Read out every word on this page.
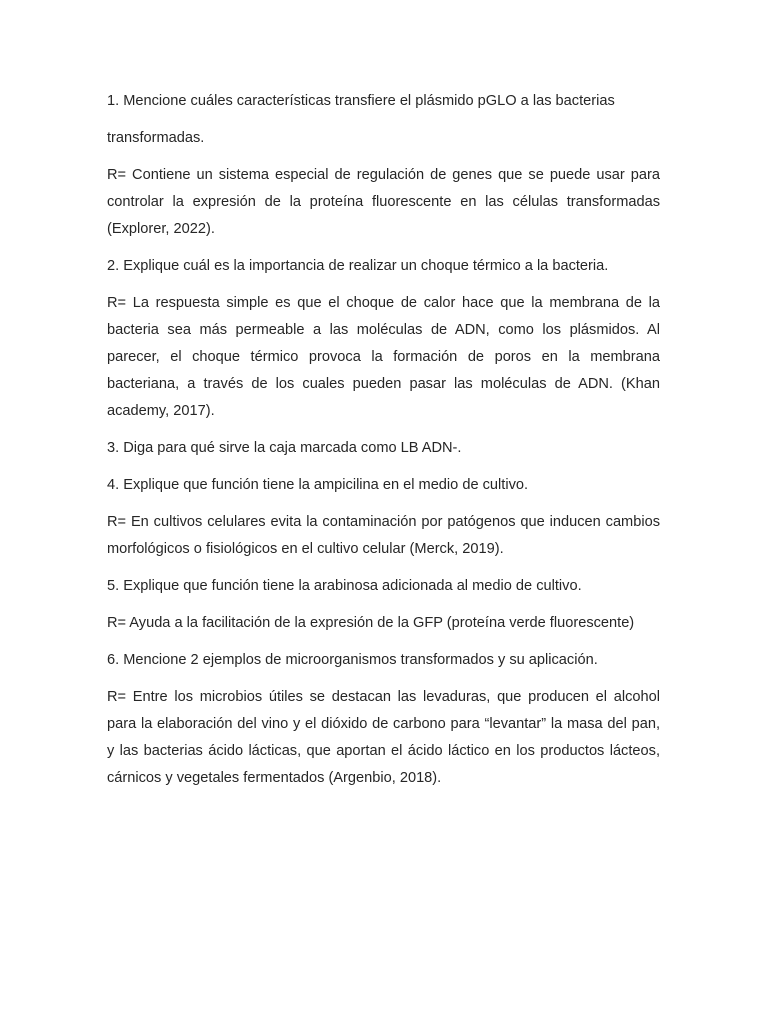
1. Mencione cuáles características transfiere el plásmido pGLO a las bacterias

transformadas.

R= Contiene un sistema especial de regulación de genes que se puede usar para controlar la expresión de la proteína fluorescente en las células transformadas (Explorer, 2022).

2. Explique cuál es la importancia de realizar un choque térmico a la bacteria.

R= La respuesta simple es que el choque de calor hace que la membrana de la bacteria sea más permeable a las moléculas de ADN, como los plásmidos. Al parecer, el choque térmico provoca la formación de poros en la membrana bacteriana, a través de los cuales pueden pasar las moléculas de ADN. (Khan academy, 2017).

3. Diga para qué sirve la caja marcada como LB ADN-.

4. Explique que función tiene la ampicilina en el medio de cultivo.

R= En cultivos celulares evita la contaminación por patógenos que inducen cambios morfológicos o fisiológicos en el cultivo celular (Merck, 2019).

5. Explique que función tiene la arabinosa adicionada al medio de cultivo.

R= Ayuda a la facilitación de la expresión de la GFP (proteína verde fluorescente)

6. Mencione 2 ejemplos de microorganismos transformados y su aplicación.

R= Entre los microbios útiles se destacan las levaduras, que producen el alcohol para la elaboración del vino y el dióxido de carbono para “levantar” la masa del pan, y las bacterias ácido lácticas, que aportan el ácido láctico en los productos lácteos, cárnicos y vegetales fermentados (Argenbio, 2018).
